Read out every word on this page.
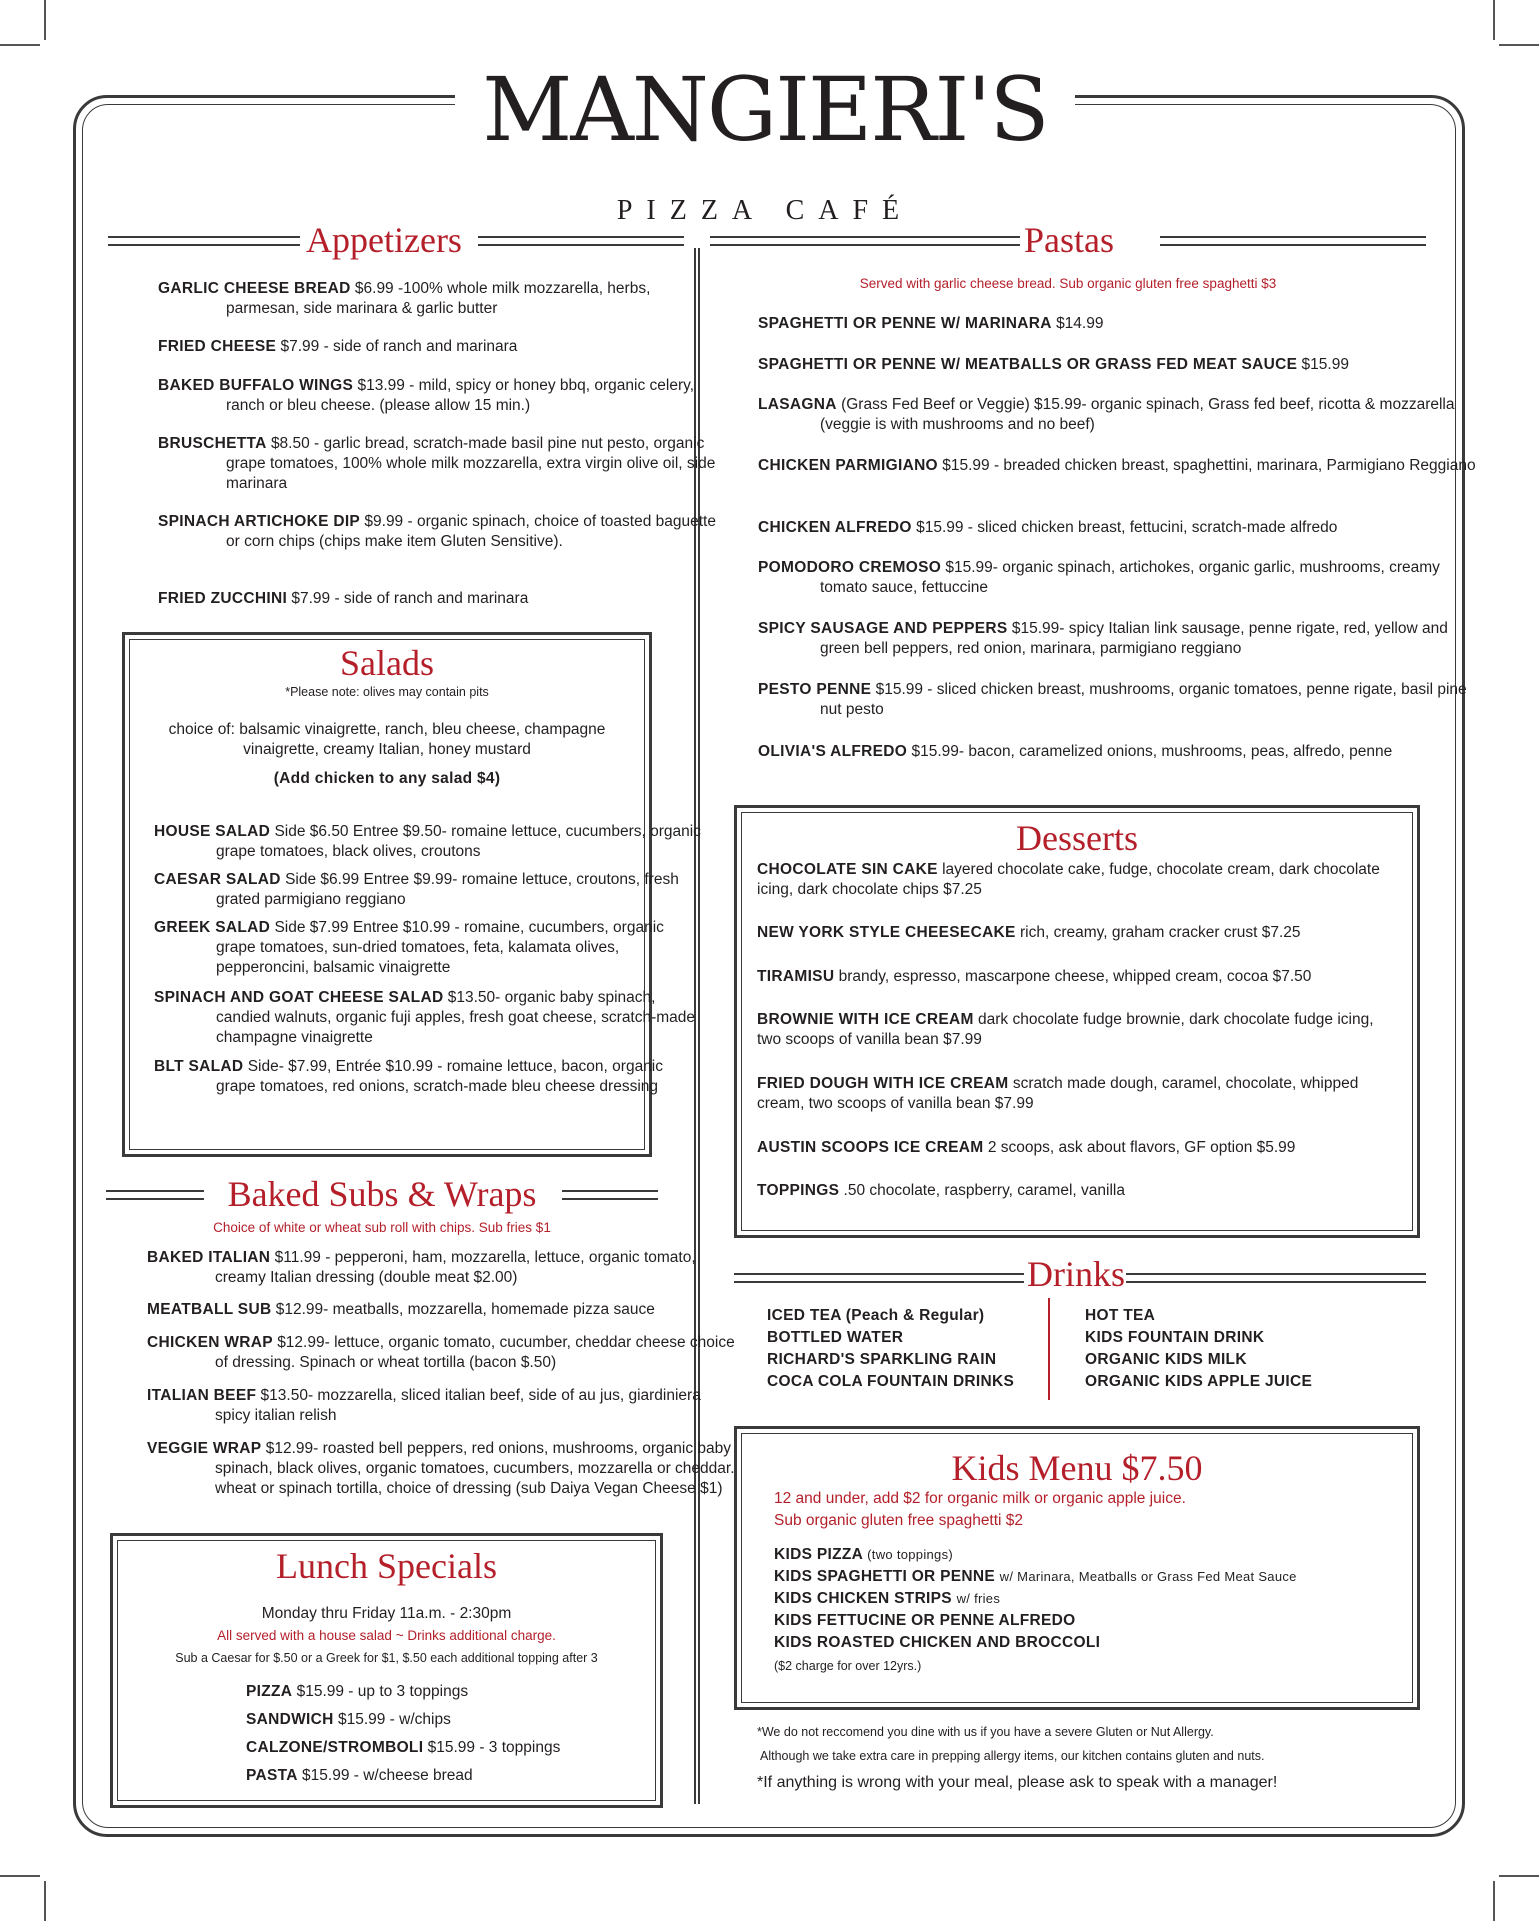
MANGIERI'S
PIZZA CAFÉ
Appetizers
GARLIC CHEESE BREAD $6.99 -100% whole milk mozzarella, herbs, parmesan, side marinara & garlic butter
FRIED CHEESE $7.99 - side of ranch and marinara
BAKED BUFFALO WINGS $13.99 - mild, spicy or honey bbq, organic celery, ranch or bleu cheese. (please allow 15 min.)
BRUSCHETTA $8.50 - garlic bread, scratch-made basil pine nut pesto, organic grape tomatoes, 100% whole milk mozzarella, extra virgin olive oil, side marinara
SPINACH ARTICHOKE DIP $9.99 - organic spinach, choice of toasted baguette or corn chips (chips make item Gluten Sensitive).
FRIED ZUCCHINI $7.99 - side of ranch and marinara
Salads
*Please note: olives may contain pits
choice of: balsamic vinaigrette, ranch, bleu cheese, champagne vinaigrette, creamy Italian, honey mustard
(Add chicken to any salad $4)
HOUSE SALAD Side $6.50 Entree $9.50- romaine lettuce, cucumbers, organic grape tomatoes, black olives, croutons
CAESAR SALAD Side $6.99 Entree $9.99- romaine lettuce, croutons, fresh grated parmigiano reggiano
GREEK SALAD Side $7.99 Entree $10.99 - romaine, cucumbers, organic grape tomatoes, sun-dried tomatoes, feta, kalamata olives, pepperoncini, balsamic vinaigrette
SPINACH AND GOAT CHEESE SALAD $13.50- organic baby spinach, candied walnuts, organic fuji apples, fresh goat cheese, scratch-made champagne vinaigrette
BLT SALAD Side- $7.99, Entrée $10.99 - romaine lettuce, bacon, organic grape tomatoes, red onions, scratch-made bleu cheese dressing
Baked Subs & Wraps
Choice of white or wheat sub roll with chips. Sub fries $1
BAKED ITALIAN $11.99 - pepperoni, ham, mozzarella, lettuce, organic tomato, creamy Italian dressing (double meat $2.00)
MEATBALL SUB $12.99- meatballs, mozzarella, homemade pizza sauce
CHICKEN WRAP $12.99- lettuce, organic tomato, cucumber, cheddar cheese choice of dressing. Spinach or wheat tortilla (bacon $.50)
ITALIAN BEEF $13.50- mozzarella, sliced italian beef, side of au jus, giardiniera spicy italian relish
VEGGIE WRAP $12.99- roasted bell peppers, red onions, mushrooms, organic baby spinach, black olives, organic tomatoes, cucumbers, mozzarella or cheddar. wheat or spinach tortilla, choice of dressing (sub Daiya Vegan Cheese $1)
Lunch Specials
Monday thru Friday 11a.m. - 2:30pm
All served with a house salad ~ Drinks additional charge.
Sub a Caesar for $.50 or a Greek for $1, $.50 each additional topping after 3
PIZZA $15.99 - up to 3 toppings
SANDWICH $15.99 - w/chips
CALZONE/STROMBOLI $15.99 - 3 toppings
PASTA $15.99 - w/cheese bread
Pastas
Served with garlic cheese bread. Sub organic gluten free spaghetti $3
SPAGHETTI OR PENNE W/ MARINARA $14.99
SPAGHETTI OR PENNE W/ MEATBALLS OR GRASS FED MEAT SAUCE $15.99
LASAGNA (Grass Fed Beef or Veggie) $15.99- organic spinach, Grass fed beef, ricotta & mozzarella (veggie is with mushrooms and no beef)
CHICKEN PARMIGIANO $15.99 - breaded chicken breast, spaghettini, marinara, Parmigiano Reggiano
CHICKEN ALFREDO $15.99 - sliced chicken breast, fettucini, scratch-made alfredo
POMODORO CREMOSO $15.99- organic spinach, artichokes, organic garlic, mushrooms, creamy tomato sauce, fettuccine
SPICY SAUSAGE AND PEPPERS $15.99- spicy Italian link sausage, penne rigate, red, yellow and green bell peppers, red onion, marinara, parmigiano reggiano
PESTO PENNE $15.99 - sliced chicken breast, mushrooms, organic tomatoes, penne rigate, basil pine nut pesto
OLIVIA'S ALFREDO $15.99- bacon, caramelized onions, mushrooms, peas, alfredo, penne
Desserts
CHOCOLATE SIN CAKE layered chocolate cake, fudge, chocolate cream, dark chocolate icing, dark chocolate chips $7.25
NEW YORK STYLE CHEESECAKE rich, creamy, graham cracker crust $7.25
TIRAMISU brandy, espresso, mascarpone cheese, whipped cream, cocoa $7.50
BROWNIE WITH ICE CREAM dark chocolate fudge brownie, dark chocolate fudge icing, two scoops of vanilla bean $7.99
FRIED DOUGH WITH ICE CREAM scratch made dough, caramel, chocolate, whipped cream, two scoops of vanilla bean $7.99
AUSTIN SCOOPS ICE CREAM 2 scoops, ask about flavors, GF option $5.99
TOPPINGS .50 chocolate, raspberry, caramel, vanilla
Drinks
ICED TEA (Peach & Regular)
BOTTLED WATER
RICHARD'S SPARKLING RAIN
COCA COLA FOUNTAIN DRINKS
HOT TEA
KIDS FOUNTAIN DRINK
ORGANIC KIDS MILK
ORGANIC KIDS APPLE JUICE
Kids Menu $7.50
12 and under, add $2 for organic milk or organic apple juice.
Sub organic gluten free spaghetti $2
KIDS PIZZA (two toppings)
KIDS SPAGHETTI OR PENNE w/ Marinara, Meatballs or Grass Fed Meat Sauce
KIDS CHICKEN STRIPS w/ fries
KIDS FETTUCINE OR PENNE ALFREDO
KIDS ROASTED CHICKEN AND BROCCOLI
($2 charge for over 12yrs.)
*We do not reccomend you dine with us if you have a severe Gluten or Nut Allergy.
Although we take extra care in prepping allergy items, our kitchen contains gluten and nuts.
*If anything is wrong with your meal, please ask to speak with a manager!
